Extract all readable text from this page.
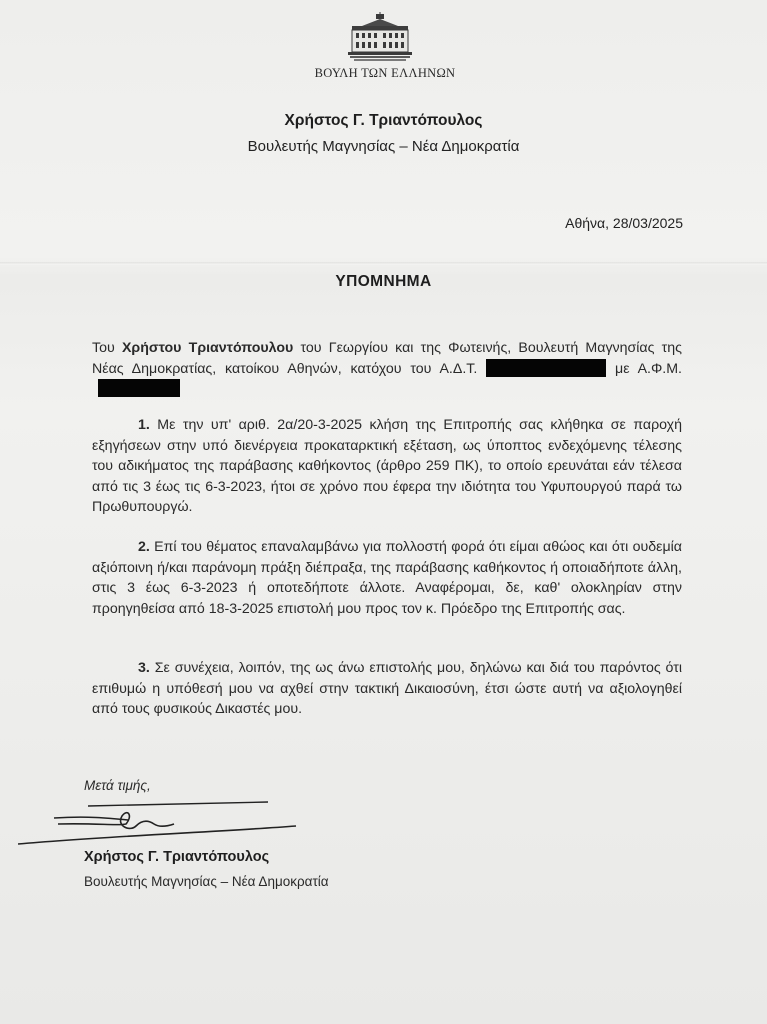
ΒΟΥΛΗ ΤΩΝ ΕΛΛΗΝΩΝ
Χρήστος Γ. Τριαντόπουλος
Βουλευτής Μαγνησίας – Νέα Δημοκρατία
Αθήνα, 28/03/2025
ΥΠΟΜΝΗΜΑ
Του Χρήστου Τριαντόπουλου του Γεωργίου και της Φωτεινής, Βουλευτή Μαγνησίας της Νέας Δημοκρατίας, κατοίκου Αθηνών, κατόχου του Α.Δ.Τ.	με Α.Φ.Μ.
1. Με την υπ' αριθ. 2α/20-3-2025 κλήση της Επιτροπής σας κλήθηκα σε παροχή εξηγήσεων στην υπό διενέργεια προκαταρκτική εξέταση, ως ύποπτος ενδεχόμενης τέλεσης του αδικήματος της παράβασης καθήκοντος (άρθρο 259 ΠΚ), το οποίο ερευνάται εάν τέλεσα από τις 3 έως τις 6-3-2023, ήτοι σε χρόνο που έφερα την ιδιότητα του Υφυπουργού παρά τω Πρωθυπουργώ.
2. Επί του θέματος επαναλαμβάνω για πολλοστή φορά ότι είμαι αθώος και ότι ουδεμία αξιόποινη ή/και παράνομη πράξη διέπραξα, της παράβασης καθήκοντος ή οποιαδήποτε άλλη, στις 3 έως 6-3-2023 ή οποτεδήποτε άλλοτε. Αναφέρομαι, δε, καθ' ολοκληρίαν στην προηγηθείσα από 18-3-2025 επιστολή μου προς τον κ. Πρόεδρο της Επιτροπής σας.
3. Σε συνέχεια, λοιπόν, της ως άνω επιστολής μου, δηλώνω και διά του παρόντος ότι επιθυμώ η υπόθεσή μου να αχθεί στην τακτική Δικαιοσύνη, έτσι ώστε αυτή να αξιολογηθεί από τους φυσικούς Δικαστές μου.
Μετά τιμής,
Χρήστος Γ. Τριαντόπουλος
Βουλευτής Μαγνησίας – Νέα Δημοκρατία
